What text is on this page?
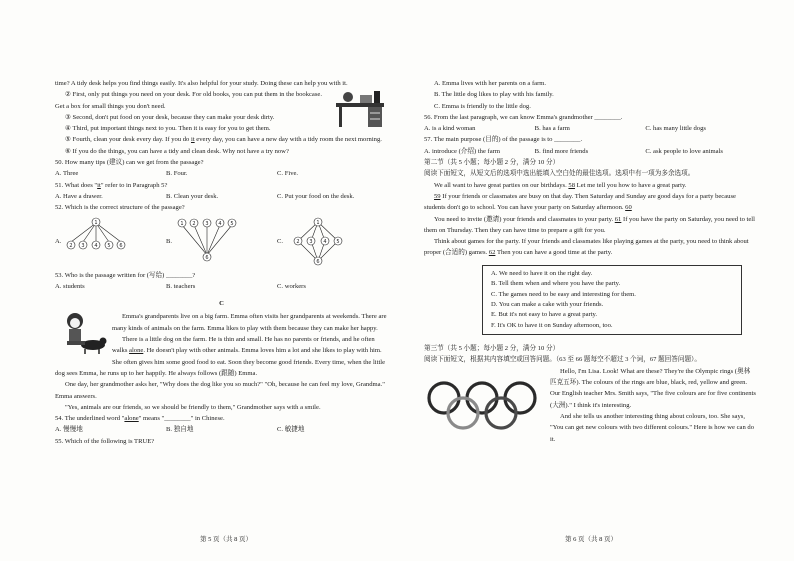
time? A tidy desk helps you find things easily. It's also helpful for your study. Doing these can help you with it.

② First, only put things you need on your desk. For old books, you can put them in the bookcase. Get a box for small things you don't need.

③ Second, don't put food on your desk, because they can make your desk dirty.

④ Third, put important things next to you. Then it is easy for you to get them.

⑤ Fourth, clean your desk every day. If you do it every day, you can have a new day with a tidy room the next morning.

⑥ If you do the things, you can have a tidy and clean desk. Why not have a try now?

50. How many tips (建议) can we get from the passage?

A. Three	B. Four.	C. Five.

51. What does "it" refer to in Paragraph 5?

A. Have a drawer.	B. Clean your desk.	C. Put your food on the desk.

52. Which is the correct structure of the passage?

A.
1
2 3 4 5 6
B.
1 2 3 4 5
6
C.
1
2 3 4 5
6

53. Who is the passage written for (写给) ________?

A. students	B. teachers	C. workers

C

Emma's grandparents live on a big farm. Emma often visits her grandparents at weekends. There are many kinds of animals on the farm. Emma likes to play with them because they can make her happy.

There is a little dog on the farm. He is thin and small. He has no parents or friends, and he often walks alone. He doesn't play with other animals. Emma loves him a lot and she likes to play with him. She often gives him some good food to eat. Soon they become good friends. Every time, when the little dog sees Emma, he runs up to her happily. He always follows (跟随) Emma.

One day, her grandmother asks her, "Why does the dog like you so much?" "Oh, because he can feel my love, Grandma." Emma answers.

"Yes, animals are our friends, so we should be friendly to them," Grandmother says with a smile.

54. The underlined word "alone" means "________" in Chinese.

A. 慢慢地	B. 独自地	C. 敏捷地

55. Which of the following is TRUE?

第 5 页（共 8 页）

A. Emma lives with her parents on a farm.

B. The little dog likes to play with his family.

C. Emma is friendly to the little dog.

56. From the last paragraph, we can know Emma's grandmother ________.

A. is a kind woman	B. has a farm	C. has many little dogs

57. The main purpose (目的) of the passage is to ________.

A. introduce (介绍) the farm	B. find more friends	C. ask people to love animals

第二节（共 5 小题；每小题 2 分，满分 10 分）

阅读下面短文，从短文后的选项中选出能填入空白处的最佳选项。选项中有一项为多余选项。

We all want to have great parties on our birthdays. 58 Let me tell you how to have a great party.

59 If your friends or classmates are busy on that day. Then Saturday and Sunday are good days for a party because students don't go to school. You can have your party on Saturday afternoon. 60

You need to invite (邀请) your friends and classmates to your party. 61 If you have the party on Saturday, you need to tell them on Thursday. Then they can have time to prepare a gift for you.

Think about games for the party. If your friends and classmates like playing games at the party, you need to think about proper (合适的) games. 62 Then you can have a good time at the party.

A. We need to have it on the right day.

B. Tell them when and where you have the party.

C. The games need to be easy and interesting for them.

D. You can make a cake with your friends.

E. But it's not easy to have a great party.

F. It's OK to have it on Sunday afternoon, too.

第三节（共 5 小题；每小题 2 分，满分 10 分）

阅读下面短文，根据其内容填空或回答问题。（63 至 66 题每空不超过 3 个词，67 题回答问题）。

Hello, I'm Lisa. Look! What are these? They're the Olympic rings (奥林匹克五环). The colours of the rings are blue, black, red, yellow and green. Our English teacher Mrs. Smith says, "The five colours are for five continents (大洲)." I think it's interesting.

And she tells us another interesting thing about colours, too. She says, "You can get new colours with two different colours." Here is how we can do it.

第 6 页（共 8 页）
